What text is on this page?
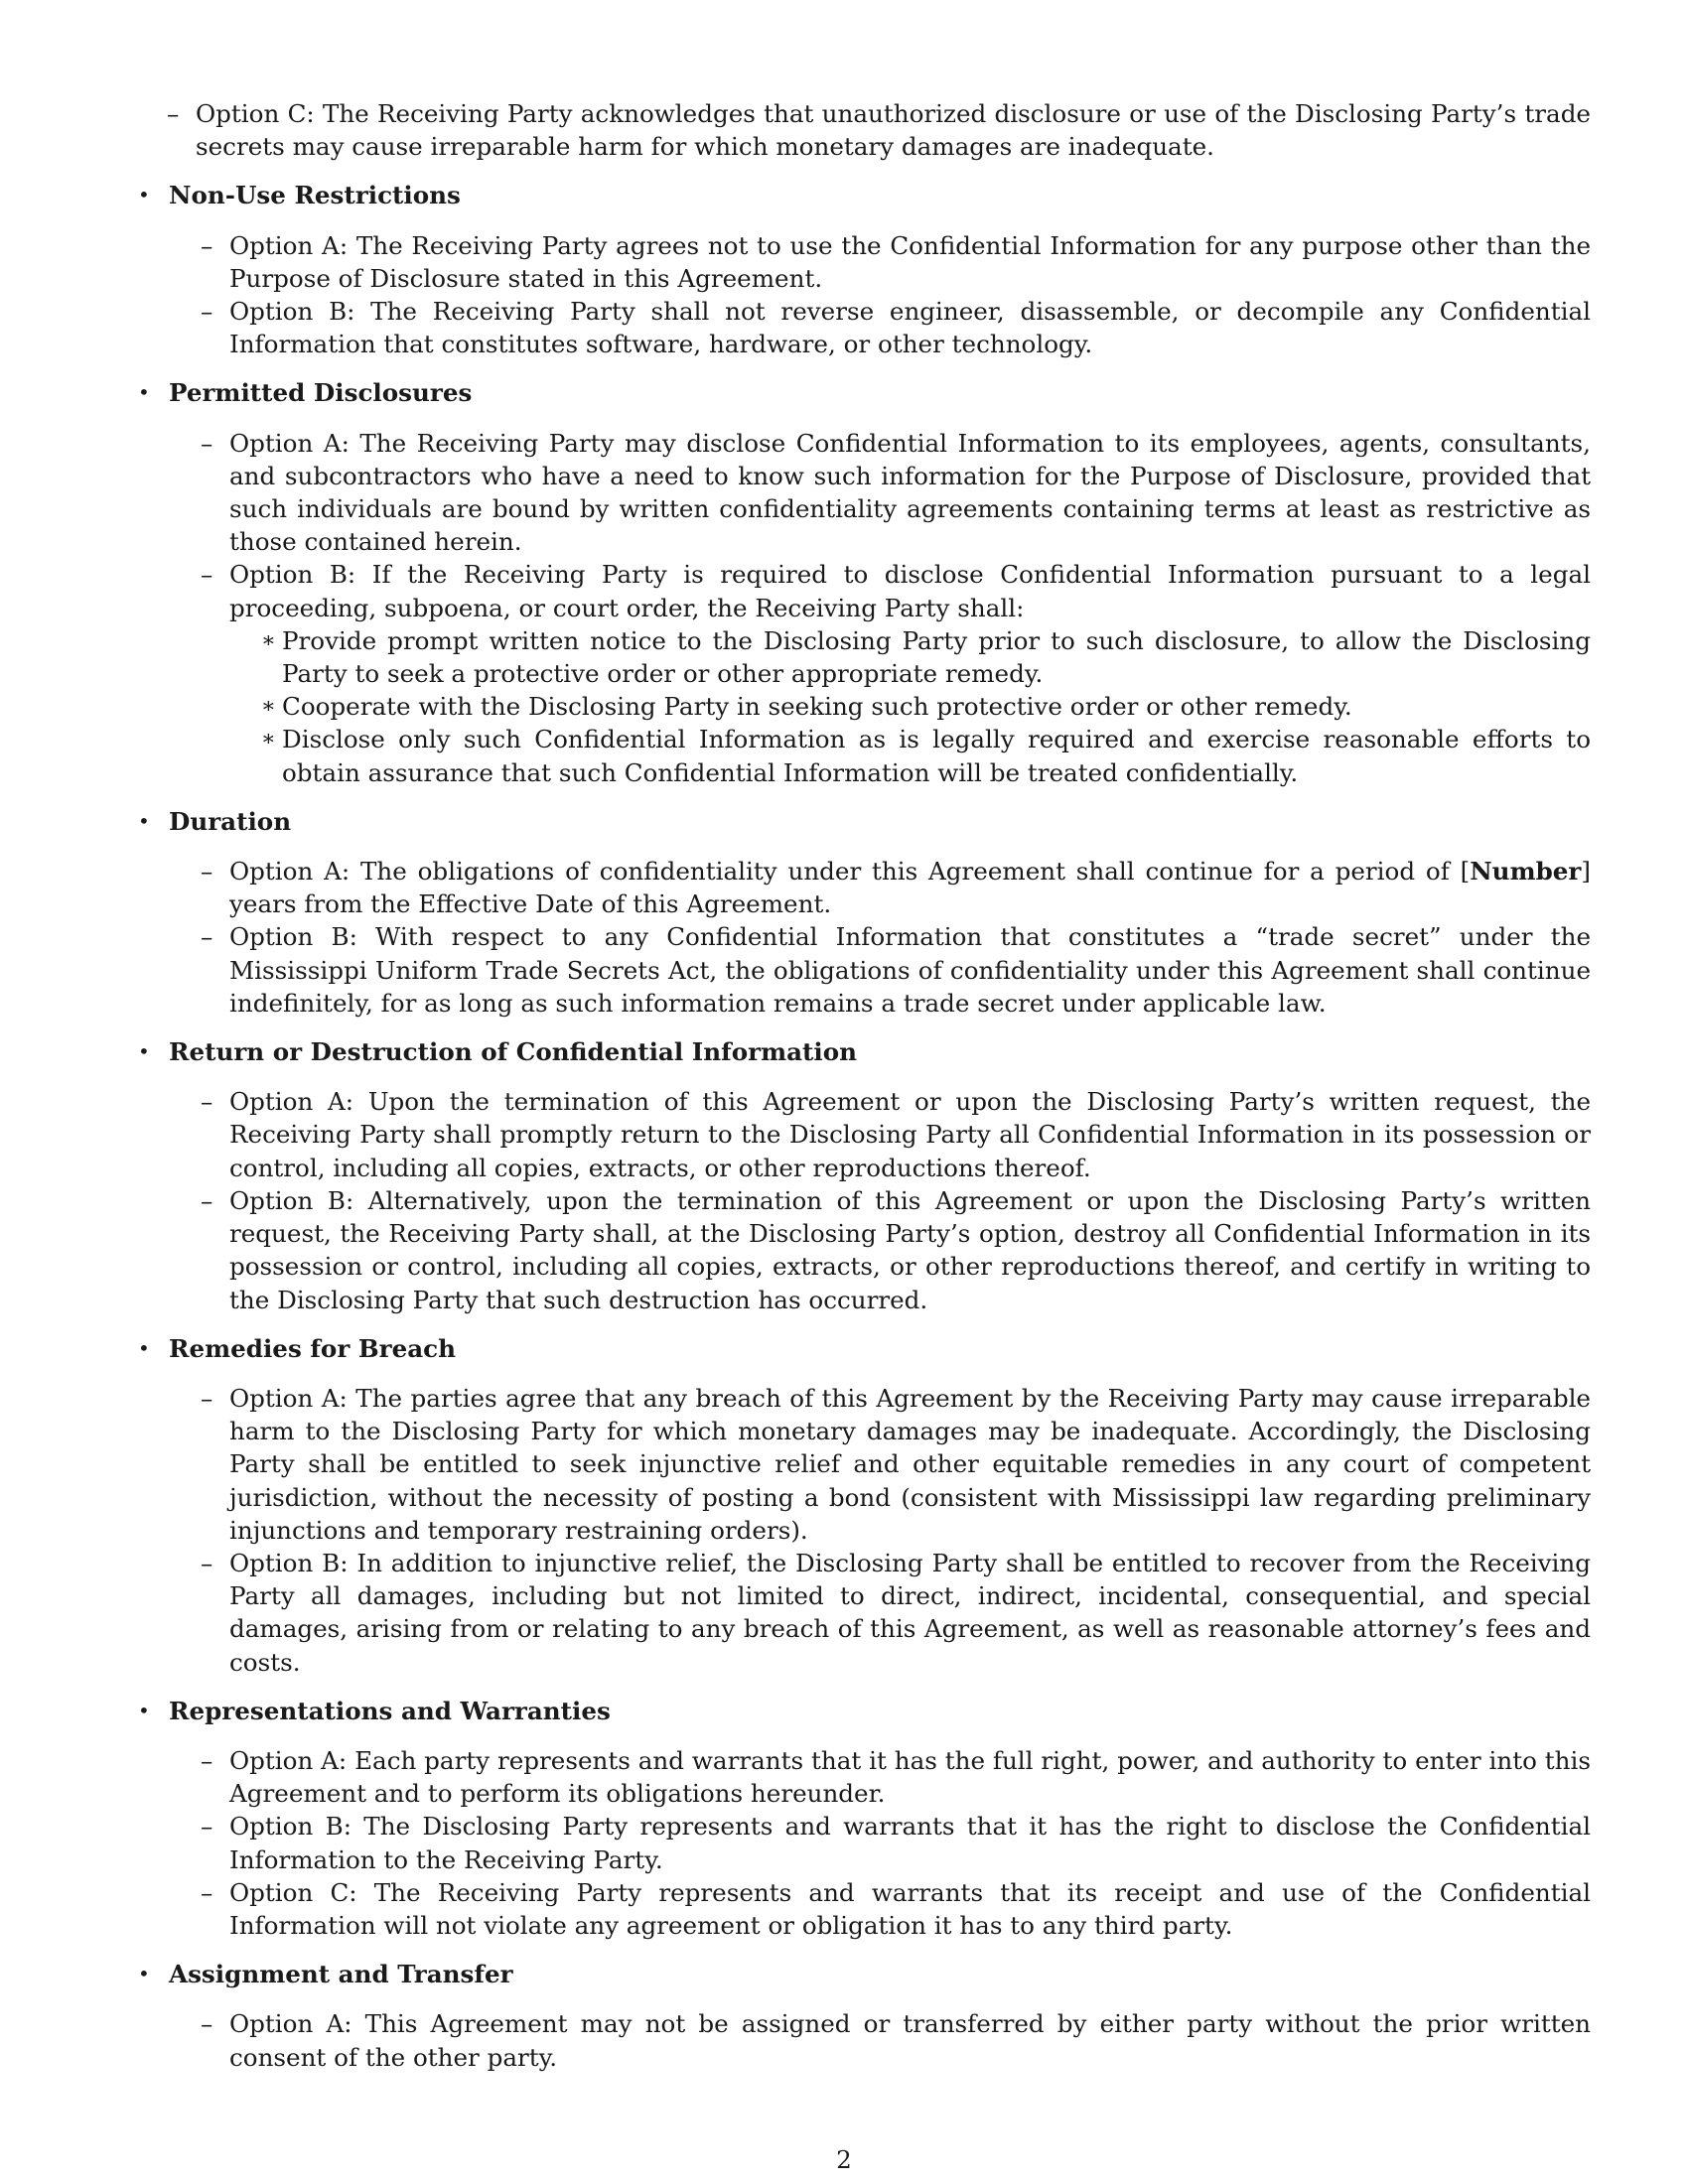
– Option C: The Receiving Party acknowledges that unauthorized disclosure or use of the Disclosing Party’s trade secrets may cause irreparable harm for which monetary damages are inadequate.
• Non-Use Restrictions
– Option A: The Receiving Party agrees not to use the Confidential Information for any purpose other than the Purpose of Disclosure stated in this Agreement.
– Option B: The Receiving Party shall not reverse engineer, disassemble, or decompile any Confidential Information that constitutes software, hardware, or other technology.
• Permitted Disclosures
– Option A: The Receiving Party may disclose Confidential Information to its employees, agents, consultants, and subcontractors who have a need to know such information for the Purpose of Disclosure, provided that such individuals are bound by written confidentiality agreements containing terms at least as restrictive as those contained herein.
– Option B: If the Receiving Party is required to disclose Confidential Information pursuant to a legal proceeding, subpoena, or court order, the Receiving Party shall:
∗ Provide prompt written notice to the Disclosing Party prior to such disclosure, to allow the Disclosing Party to seek a protective order or other appropriate remedy.
∗ Cooperate with the Disclosing Party in seeking such protective order or other remedy.
∗ Disclose only such Confidential Information as is legally required and exercise reasonable efforts to obtain assurance that such Confidential Information will be treated confidentially.
• Duration
– Option A: The obligations of confidentiality under this Agreement shall continue for a period of [Number] years from the Effective Date of this Agreement.
– Option B: With respect to any Confidential Information that constitutes a “trade secret” under the Mississippi Uniform Trade Secrets Act, the obligations of confidentiality under this Agreement shall continue indefinitely, for as long as such information remains a trade secret under applicable law.
• Return or Destruction of Confidential Information
– Option A: Upon the termination of this Agreement or upon the Disclosing Party’s written request, the Receiving Party shall promptly return to the Disclosing Party all Confidential Information in its possession or control, including all copies, extracts, or other reproductions thereof.
– Option B: Alternatively, upon the termination of this Agreement or upon the Disclosing Party’s written request, the Receiving Party shall, at the Disclosing Party’s option, destroy all Confidential Information in its possession or control, including all copies, extracts, or other reproductions thereof, and certify in writing to the Disclosing Party that such destruction has occurred.
• Remedies for Breach
– Option A: The parties agree that any breach of this Agreement by the Receiving Party may cause irreparable harm to the Disclosing Party for which monetary damages may be inadequate. Accordingly, the Disclosing Party shall be entitled to seek injunctive relief and other equitable remedies in any court of competent jurisdiction, without the necessity of posting a bond (consistent with Mississippi law regarding preliminary injunctions and temporary restraining orders).
– Option B: In addition to injunctive relief, the Disclosing Party shall be entitled to recover from the Receiving Party all damages, including but not limited to direct, indirect, incidental, consequential, and special damages, arising from or relating to any breach of this Agreement, as well as reasonable attorney’s fees and costs.
• Representations and Warranties
– Option A: Each party represents and warrants that it has the full right, power, and authority to enter into this Agreement and to perform its obligations hereunder.
– Option B: The Disclosing Party represents and warrants that it has the right to disclose the Confidential Information to the Receiving Party.
– Option C: The Receiving Party represents and warrants that its receipt and use of the Confidential Information will not violate any agreement or obligation it has to any third party.
• Assignment and Transfer
– Option A: This Agreement may not be assigned or transferred by either party without the prior written consent of the other party.
2
